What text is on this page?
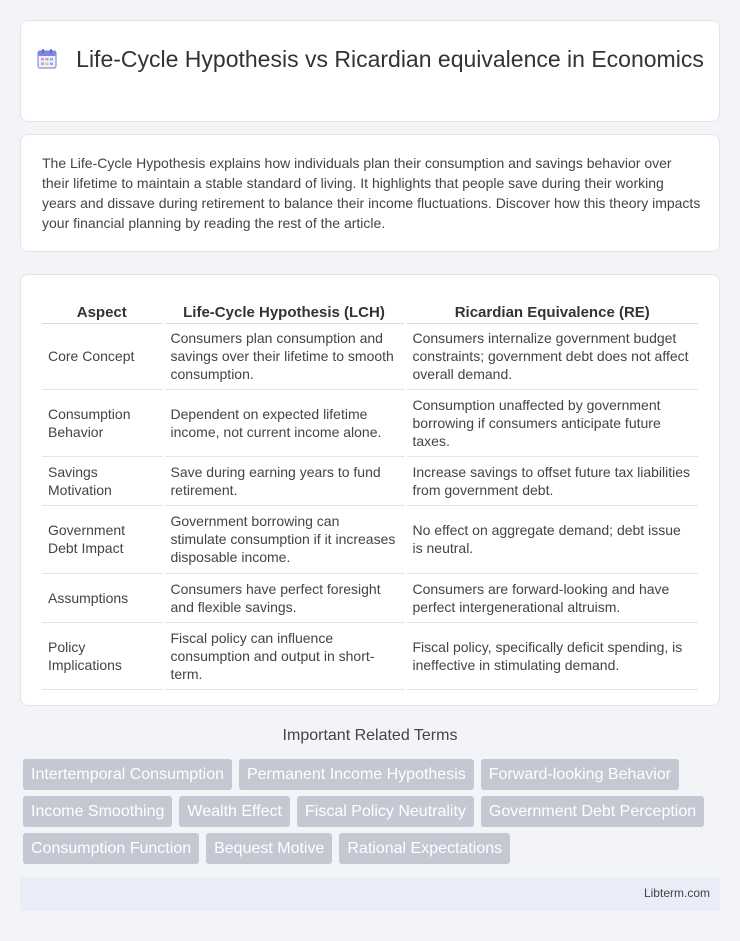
Life-Cycle Hypothesis vs Ricardian equivalence in Economics

The Life-Cycle Hypothesis explains how individuals plan their consumption and savings behavior over their lifetime to maintain a stable standard of living. It highlights that people save during their working years and dissave during retirement to balance their income fluctuations. Discover how this theory impacts your financial planning by reading the rest of the article.

Aspect	Life-Cycle Hypothesis (LCH)	Ricardian Equivalence (RE)
Core Concept	Consumers plan consumption and savings over their lifetime to smooth consumption.	Consumers internalize government budget constraints; government debt does not affect overall demand.
Consumption Behavior	Dependent on expected lifetime income, not current income alone.	Consumption unaffected by government borrowing if consumers anticipate future taxes.
Savings Motivation	Save during earning years to fund retirement.	Increase savings to offset future tax liabilities from government debt.
Government Debt Impact	Government borrowing can stimulate consumption if it increases disposable income.	No effect on aggregate demand; debt issue is neutral.
Assumptions	Consumers have perfect foresight and flexible savings.	Consumers are forward-looking and have perfect intergenerational altruism.
Policy Implications	Fiscal policy can influence consumption and output in short-term.	Fiscal policy, specifically deficit spending, is ineffective in stimulating demand.
Important Related Terms
Intertemporal Consumption	Permanent Income Hypothesis	Forward-looking Behavior
Income Smoothing	Wealth Effect	Fiscal Policy Neutrality	Government Debt Perception
Consumption Function	Bequest Motive	Rational Expectations
Libterm.com
